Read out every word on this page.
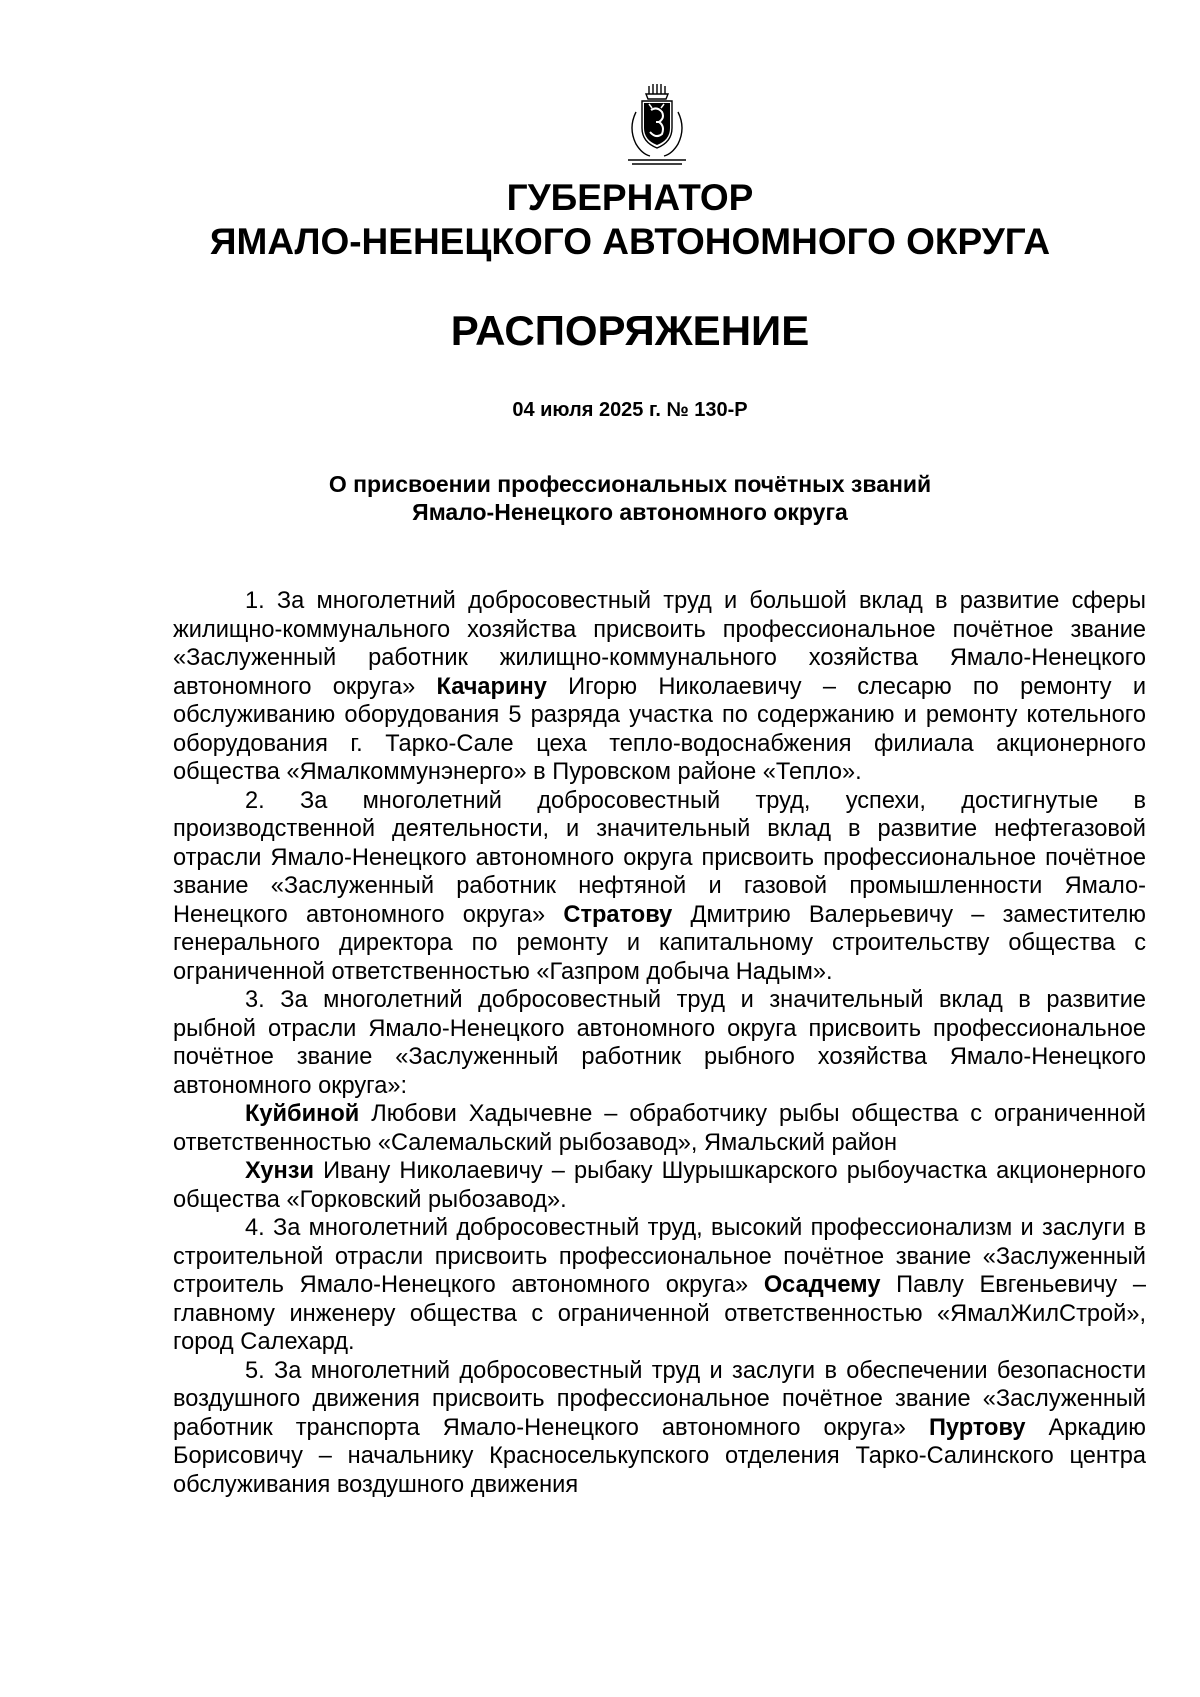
ГУБЕРНАТОР
ЯМАЛО-НЕНЕЦКОГО АВТОНОМНОГО ОКРУГА
РАСПОРЯЖЕНИЕ
04 июля 2025 г. № 130-Р
О присвоении профессиональных почётных званий
Ямало-Ненецкого автономного округа

1. За многолетний добросовестный труд и большой вклад в развитие сферы жилищно-коммунального хозяйства присвоить профессиональное почётное звание «Заслуженный работник жилищно-коммунального хозяйства Ямало-Ненецкого автономного округа» Качарину Игорю Николаевичу – слесарю по ремонту и обслуживанию оборудования 5 разряда участка по содержанию и ремонту котельного оборудования г. Тарко-Сале цеха тепло-водоснабжения филиала акционерного общества «Ямалкоммунэнерго» в Пуровском районе «Тепло».

2. За многолетний добросовестный труд, успехи, достигнутые в производственной деятельности, и значительный вклад в развитие нефтегазовой отрасли Ямало-Ненецкого автономного округа присвоить профессиональное почётное звание «Заслуженный работник нефтяной и газовой промышленности Ямало-Ненецкого автономного округа» Стратову Дмитрию Валерьевичу – заместителю генерального директора по ремонту и капитальному строительству общества с ограниченной ответственностью «Газпром добыча Надым».

3. За многолетний добросовестный труд и значительный вклад в развитие рыбной отрасли Ямало-Ненецкого автономного округа присвоить профессиональное почётное звание «Заслуженный работник рыбного хозяйства Ямало-Ненецкого автономного округа»:

Куйбиной Любови Хадычевне – обработчику рыбы общества с ограниченной ответственностью «Салемальский рыбозавод», Ямальский район

Хунзи Ивану Николаевичу – рыбаку Шурышкарского рыбоучастка акционерного общества «Горковский рыбозавод».

4. За многолетний добросовестный труд, высокий профессионализм и заслуги в строительной отрасли присвоить профессиональное почётное звание «Заслуженный строитель Ямало-Ненецкого автономного округа» Осадчему Павлу Евгеньевичу – главному инженеру общества с ограниченной ответственностью «ЯмалЖилСтрой», город Салехард.

5. За многолетний добросовестный труд и заслуги в обеспечении безопасности воздушного движения присвоить профессиональное почётное звание «Заслуженный работник транспорта Ямало-Ненецкого автономного округа» Пуртову Аркадию Борисовичу – начальнику Красноселькупского отделения Тарко-Салинского центра обслуживания воздушного движения
